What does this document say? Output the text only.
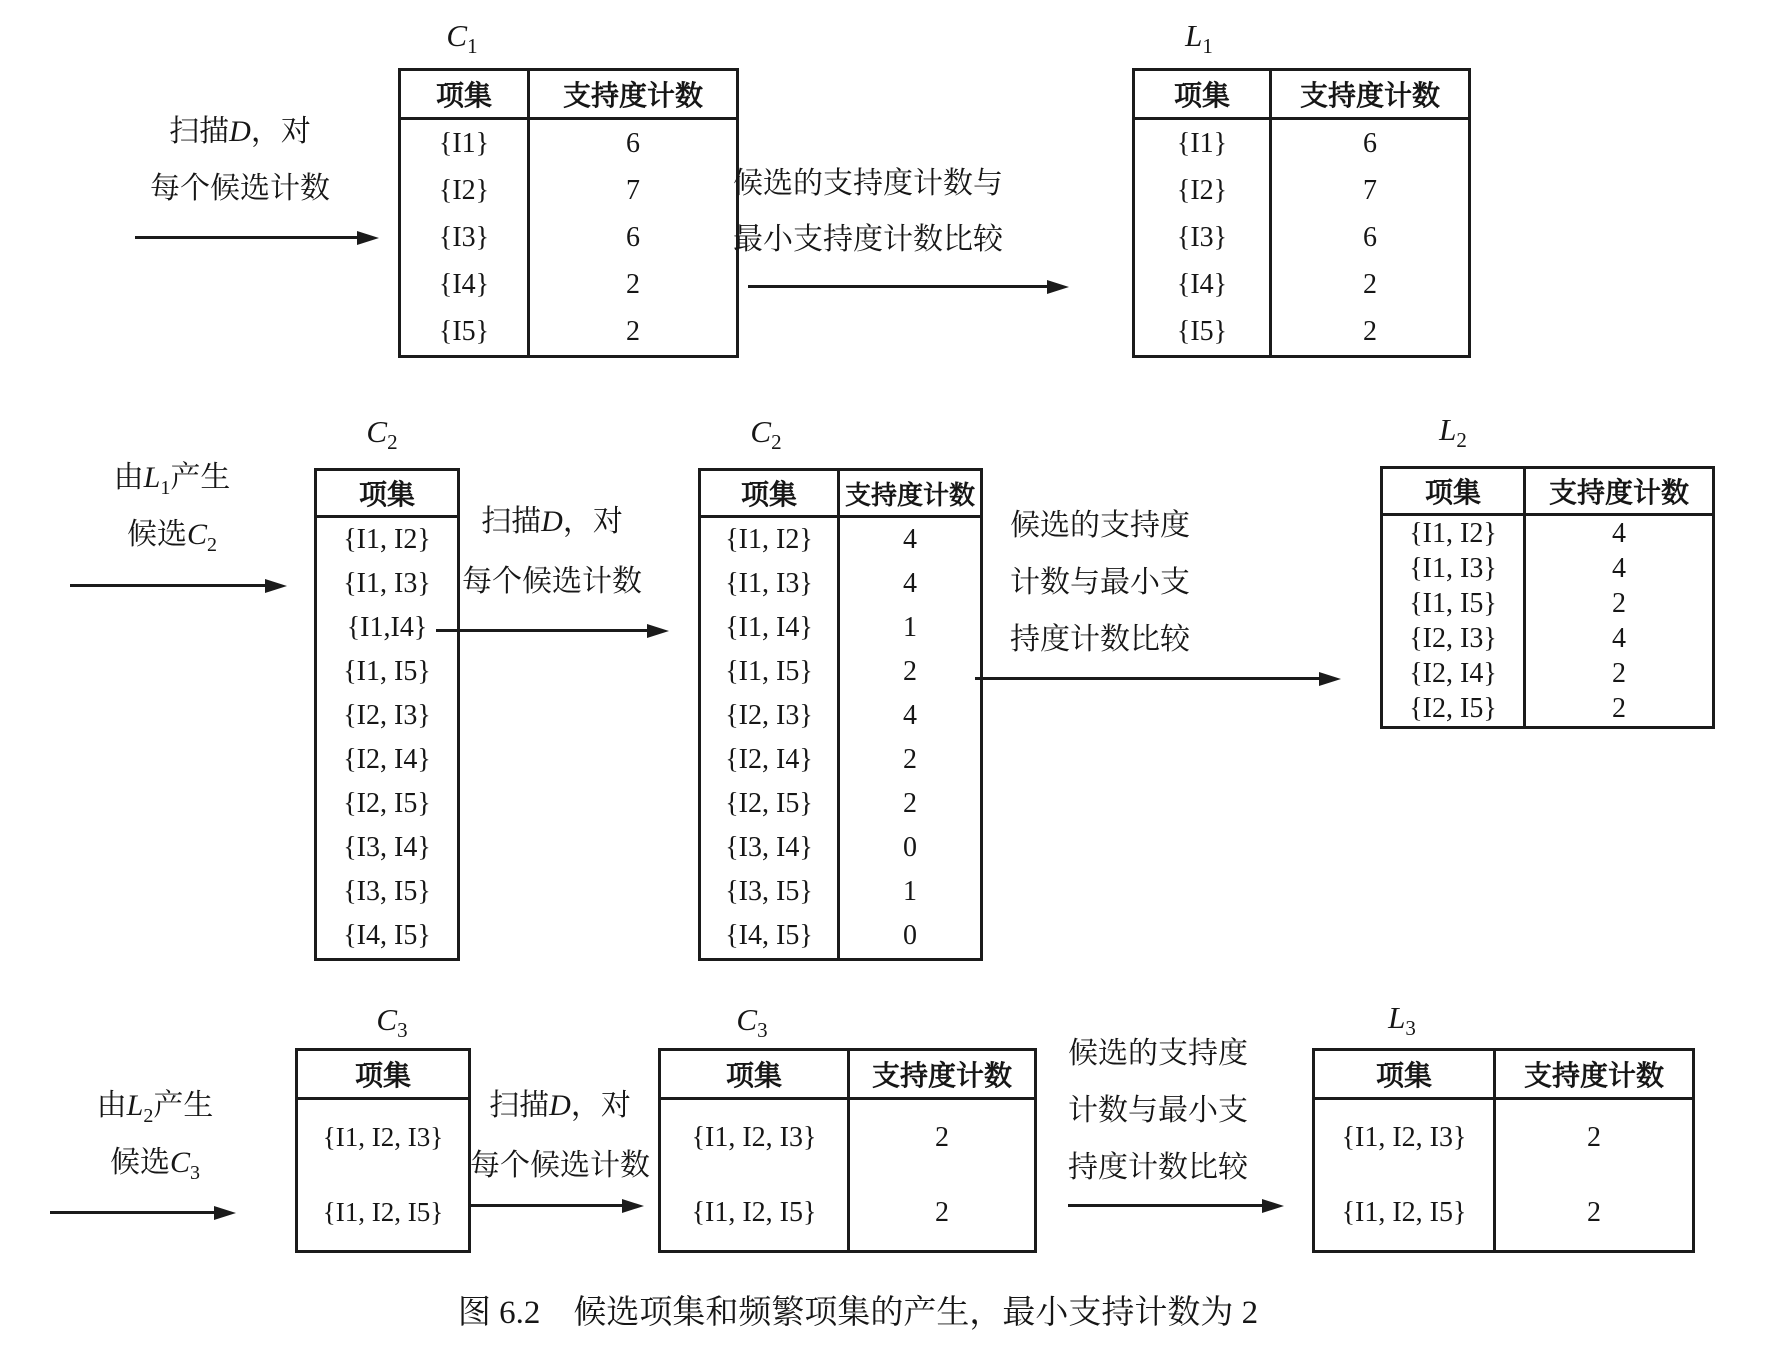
扫描D，对
每个候选计数
$C_1$
项集	支持度计数
{I1}	6
{I2}	7
{I3}	6
{I4}	2
{I5}	2
候选的支持度计数与
最小支持度计数比较
$L_1$
项集	支持度计数
{I1}	6
{I2}	7
{I3}	6
{I4}	2
{I5}	2
由$L_1$产生
候选$C_2$
$C_2$
项集
{I1, I2}
{I1, I3}
{I1,I4}
{I1, I5}
{I2, I3}
{I2, I4}
{I2, I5}
{I3, I4}
{I3, I5}
{I4, I5}
扫描D，对
每个候选计数
$C_2$
项集	支持度计数
{I1, I2}	4
{I1, I3}	4
{I1, I4}	1
{I1, I5}	2
{I2, I3}	4
{I2, I4}	2
{I2, I5}	2
{I3, I4}	0
{I3, I5}	1
{I4, I5}	0
候选的支持度
计数与最小支
持度计数比较
$L_2$
项集	支持度计数
{I1, I2}	4
{I1, I3}	4
{I1, I5}	2
{I2, I3}	4
{I2, I4}	2
{I2, I5}	2
由$L_2$产生
候选$C_3$
$C_3$
项集
{I1, I2, I3}
{I1, I2, I5}
扫描D，对
每个候选计数
$C_3$
项集	支持度计数
{I1, I2, I3}	2
{I1, I2, I5}	2
候选的支持度
计数与最小支
持度计数比较
$L_3$
项集	支持度计数
{I1, I2, I3}	2
{I1, I2, I5}	2
图 6.2　候选项集和频繁项集的产生，最小支持计数为 2
